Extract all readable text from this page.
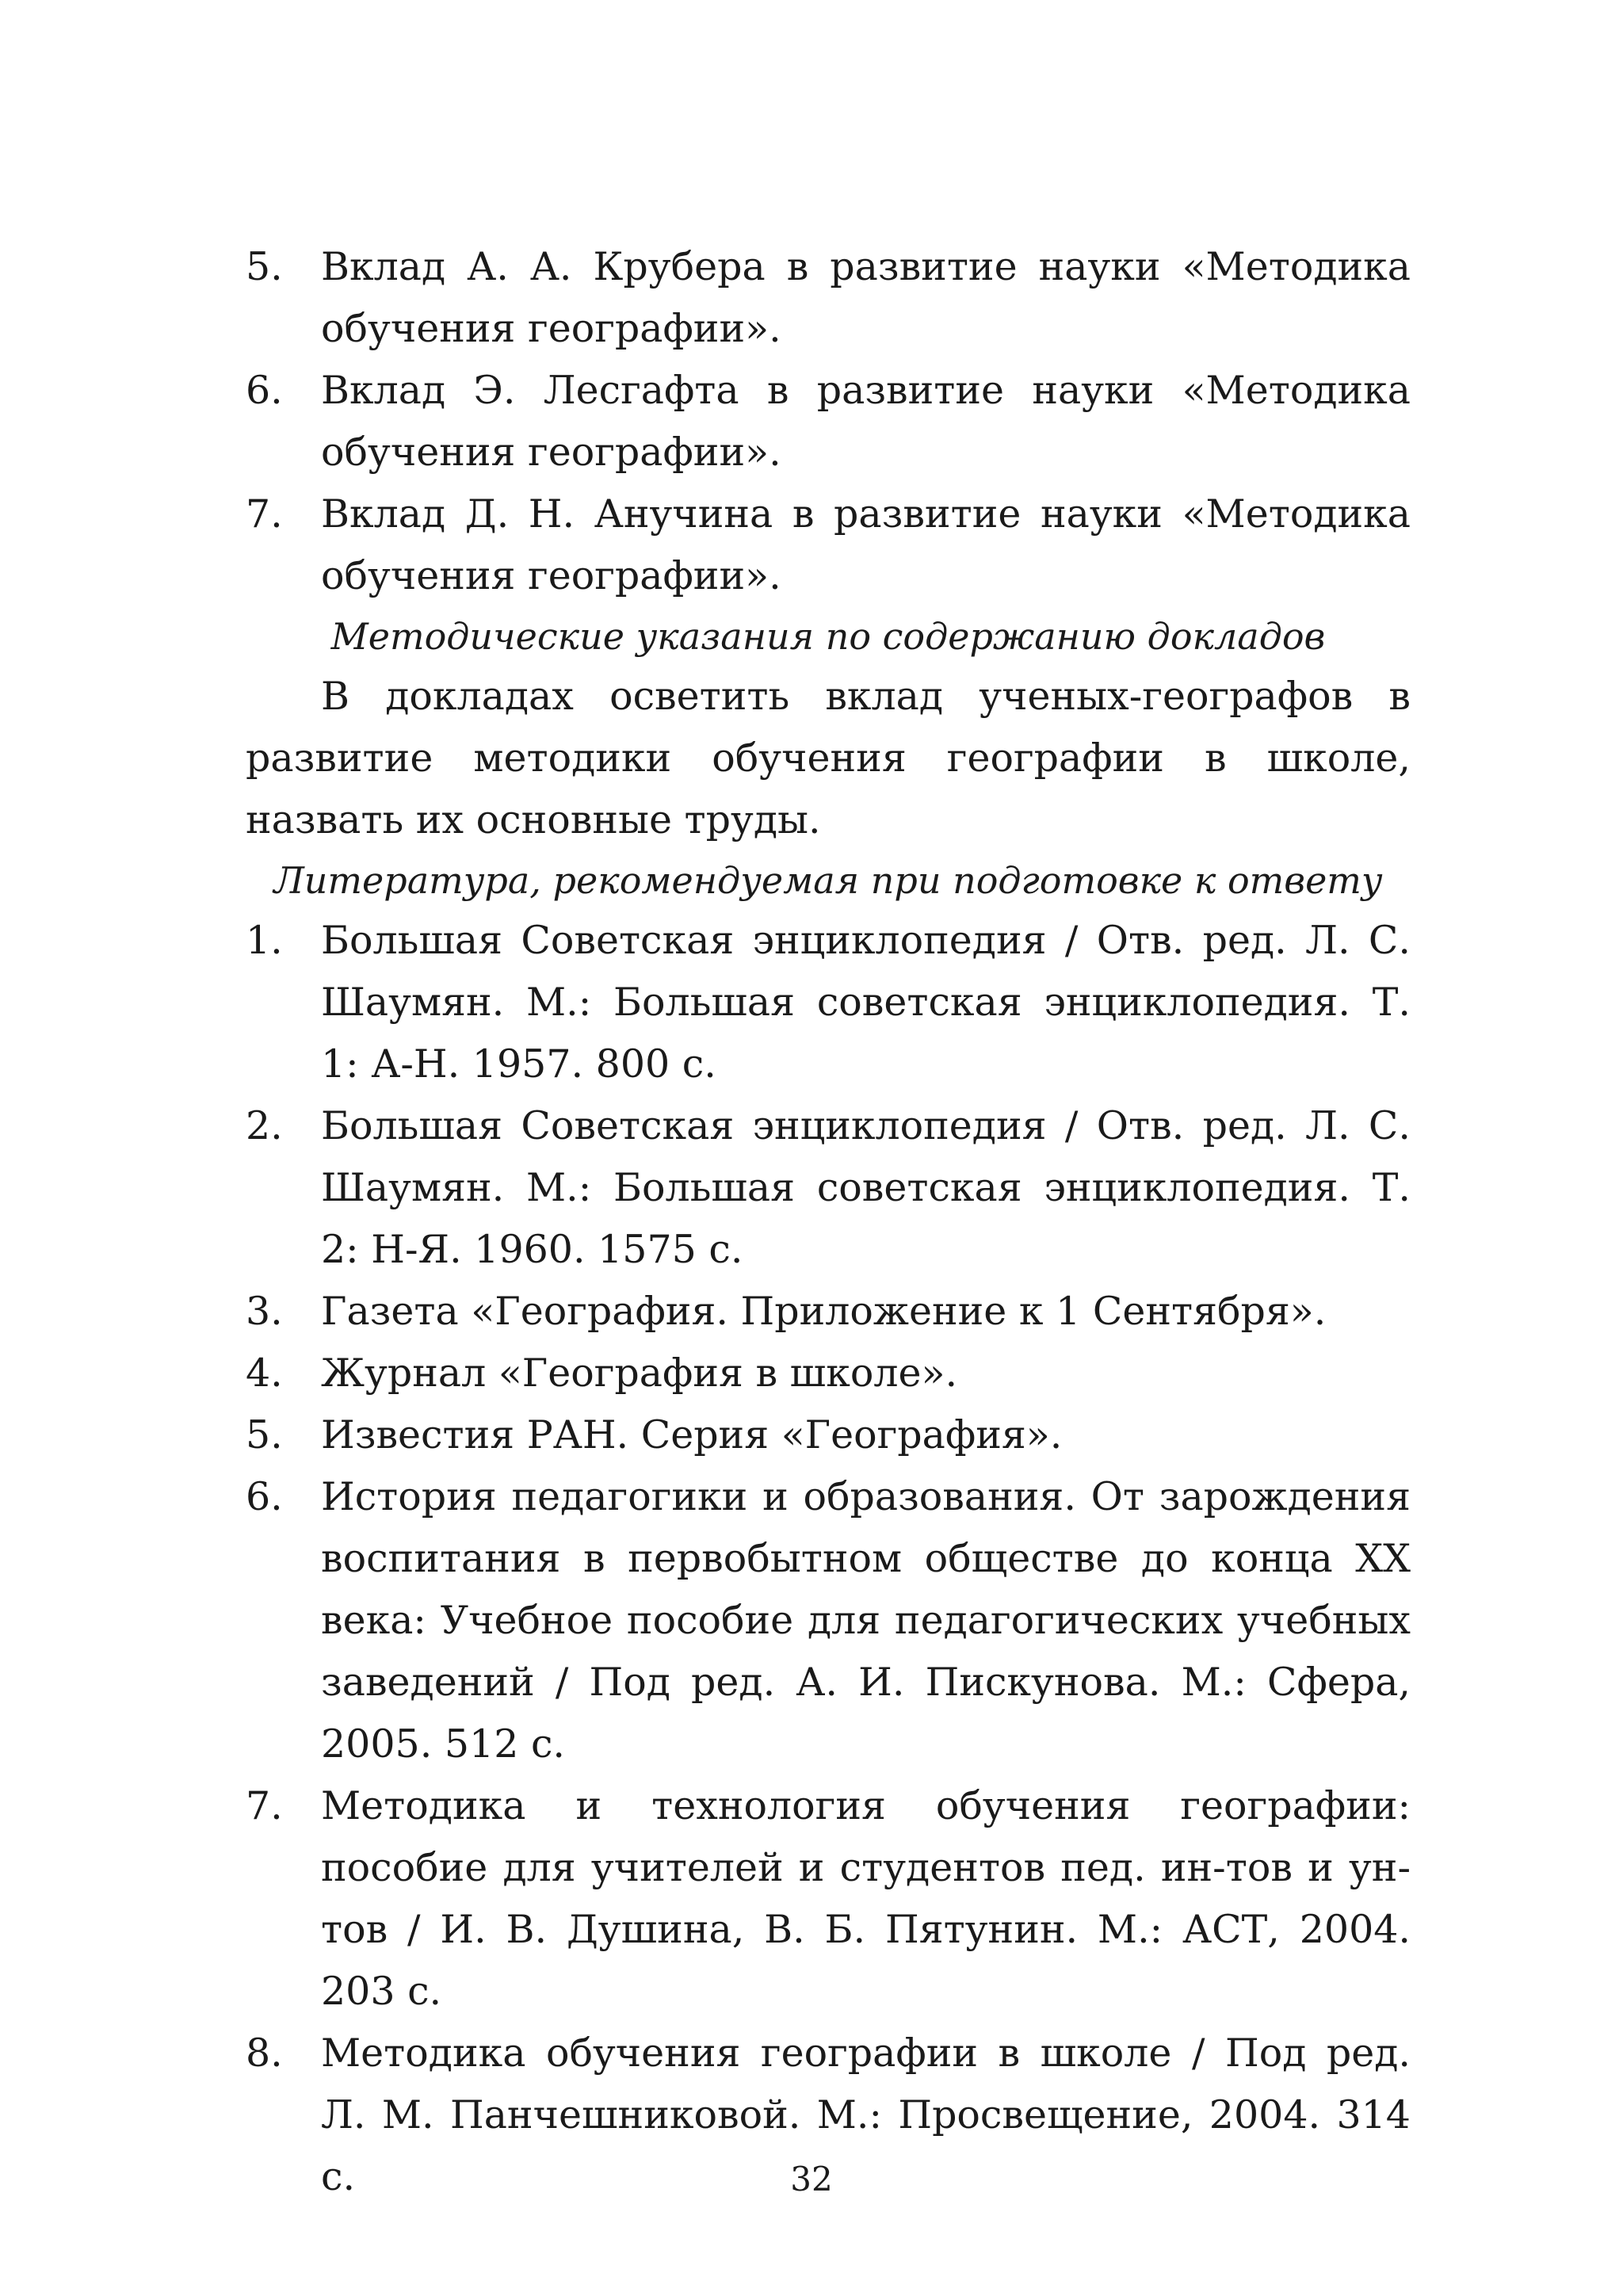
5. Вклад А. А. Крубера в развитие науки «Методика обучения географии».
6. Вклад Э. Лесгафта в развитие науки «Методика обучения географии».
7. Вклад Д. Н. Анучина в развитие науки «Методика обучения географии».

Методические указания по содержанию докладов

В докладах осветить вклад ученых-географов в развитие методики обучения географии в школе, назвать их основные труды.

Литература, рекомендуемая при подготовке к ответу

1. Большая Советская энциклопедия / Отв. ред. Л. С. Шаумян. М.: Большая советская энциклопедия. Т. 1: А-Н. 1957. 800 с.
2. Большая Советская энциклопедия / Отв. ред. Л. С. Шаумян. М.: Большая советская энциклопедия. Т. 2: Н-Я. 1960. 1575 с.
3. Газета «География. Приложение к 1 Сентября».
4. Журнал «География в школе».
5. Известия РАН. Серия «География».
6. История педагогики и образования. От зарождения воспитания в первобытном обществе до конца XX века: Учебное пособие для педагогических учебных заведений / Под ред. А. И. Пискунова. М.: Сфера, 2005. 512 с.
7. Методика и технология обучения географии: пособие для учителей и студентов пед. ин-тов и ун-тов / И. В. Душина, В. Б. Пятунин. М.: АСТ, 2004. 203 с.
8. Методика обучения географии в школе / Под ред. Л. М. Панчешниковой. М.: Просвещение, 2004. 314 с.	32
